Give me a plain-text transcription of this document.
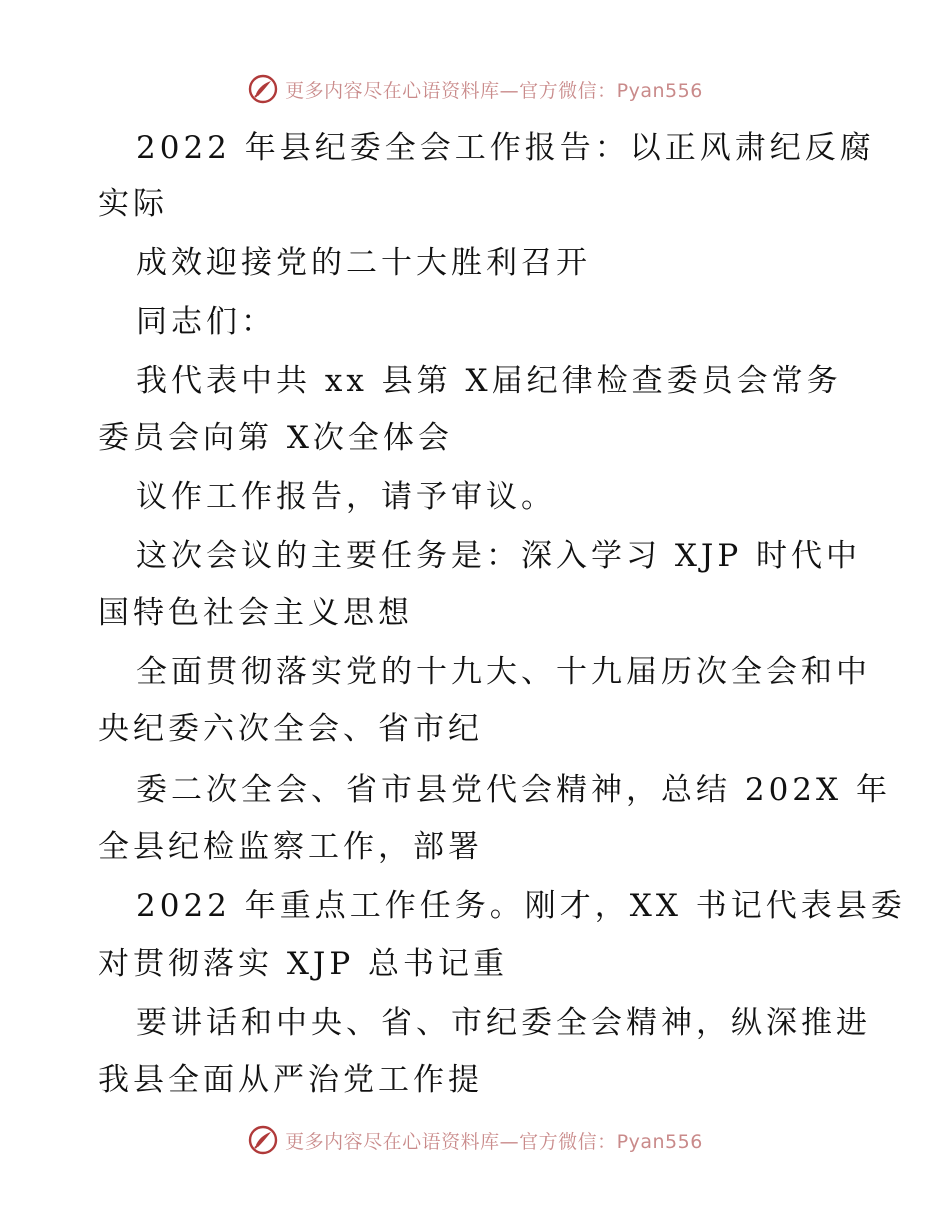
更多内容尽在心语资料库—官方微信：Pyan556
2022 年县纪委全会工作报告：以正风肃纪反腐
实际
成效迎接党的二十大胜利召开
同志们：
我代表中共 xx 县第 X届纪律检查委员会常务
委员会向第 X次全体会
议作工作报告，请予审议。
这次会议的主要任务是：深入学习 XJP 时代中
国特色社会主义思想
全面贯彻落实党的十九大、十九届历次全会和中
央纪委六次全会、省市纪
委二次全会、省市县党代会精神，总结 202X 年
全县纪检监察工作，部署
2022 年重点工作任务。刚才，XX 书记代表县委
对贯彻落实 XJP 总书记重
要讲话和中央、省、市纪委全会精神，纵深推进
我县全面从严治党工作提
更多内容尽在心语资料库—官方微信：Pyan556
